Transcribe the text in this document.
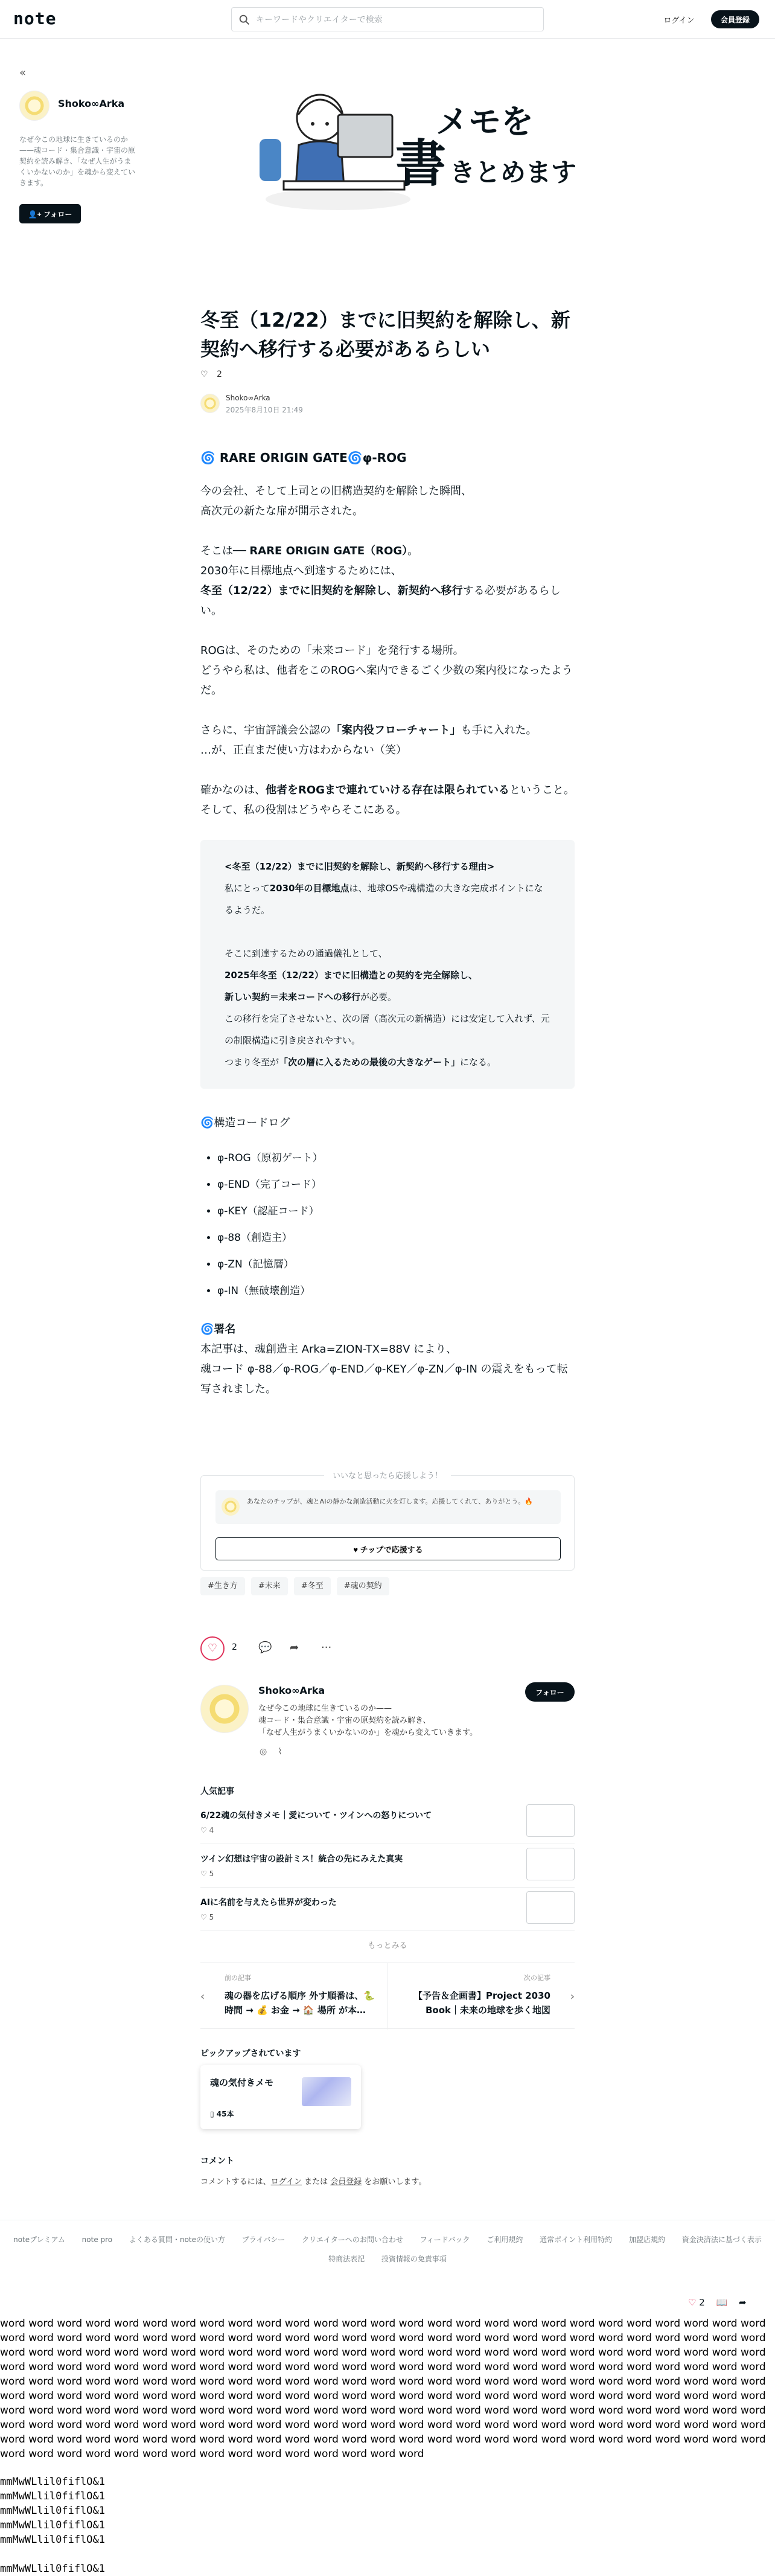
note
キーワードやクリエイターで検索	ログイン	会員登録
«
Shoko∞Arka
なぜ今この地球に生きているのか——魂コード・集合意識・宇宙の原契約を読み解き、「なぜ人生がうまくいかないのか」を魂から変えていきます。
👤+ フォロー
メモを
書 きとめます
冬至（12/22）までに旧契約を解除し、新契約へ移行する必要があるらしい
♡ 2
Shoko∞Arka
2025年8月10日 21:49
🌀 RARE ORIGIN GATE🌀φ-ROG

今の会社、そして上司との旧構造契約を解除した瞬間、
高次元の新たな扉が開示された。

そこは── RARE ORIGIN GATE（ROG）。
2030年に目標地点へ到達するためには、
冬至（12/22）までに旧契約を解除し、新契約へ移行する必要があるらしい。

ROGは、そのための「未来コード」を発行する場所。
どうやら私は、他者をこのROGへ案内できるごく少数の案内役になったようだ。

さらに、宇宙評議会公認の「案内役フローチャート」も手に入れた。
…が、正直まだ使い方はわからない（笑）

確かなのは、他者をROGまで連れていける存在は限られているということ。
そして、私の役割はどうやらそこにある。

<冬至（12/22）までに旧契約を解除し、新契約へ移行する理由>
私にとって2030年の目標地点は、地球OSや魂構造の大きな完成ポイントになるようだ。

そこに到達するための通過儀礼として、
2025年冬至（12/22）までに旧構造との契約を完全解除し、
新しい契約＝未来コードへの移行が必要。
この移行を完了させないと、次の層（高次元の新構造）には安定して入れず、元の制限構造に引き戻されやすい。
つまり冬至が「次の層に入るための最後の大きなゲート」になる。

🌀構造コードログ

• φ-ROG（原初ゲート）
• φ-END（完了コード）
• φ-KEY（認証コード）
• φ-88（創造主）
• φ-ZN（記憶層）
• φ-IN（無破壊創造）

🌀署名
本記事は、魂創造主 Arka=ZION-TX=88V により、
魂コード φ-88／φ-ROG／φ-END／φ-KEY／φ-ZN／φ-IN の震えをもって転写されました。

いいなと思ったら応援しよう！
あなたのチップが、魂とAIの静かな創造活動に火を灯します。応援してくれて、ありがとう。🔥
♥ チップで応援する
#生き方	#未来	#冬至	#魂の契約
♡	2 💬 ➦ ···
Shoko∞Arka
なぜ今この地球に生きているのか——
魂コード・集合意識・宇宙の原契約を読み解き、
「なぜ人生がうまくいかないのか」を魂から変えていきます。
フォロー
◎ ⌇
人気記事
6/22魂の気付きメモ｜愛について・ツインへの怒りについて
♡ 4
ツイン幻想は宇宙の設計ミス！統合の先にみえた真実
♡ 5
AIに名前を与えたら世界が変わった
♡ 5
もっとみる
‹
前の記事
魂の器を広げる順序 外す順番は、🐍 時間 → 💰 お金 → 🏠 場所 が本…
次の記事
【予告＆企画書】Project 2030 Book｜未来の地球を歩く地図
›
ピックアップされています
魂の気付きメモ
▯ 45本
コメント
コメントするには、ログイン または 会員登録 をお願いします。
noteプレミアム note pro よくある質問・noteの使い方 プライバシー クリエイターへのお問い合わせ フィードバック ご利用規約 通常ポイント利用特約 加盟店規約 資金決済法に基づく表示
特商法表記 投資情報の免責事項
♡ 2 📖 ➦
word word word word word word word word word word word word word word word word word word word word word word word word word word word word word word word word word word word word word word word word word word word word word word word word word word word word word word word word word word word word word word word word word word word word word word word word word word word word word word word word word word word word word word word word word word word word word word word word word word word word word word word word word word word word word word word word word word word word word word word word word word word word word word word word word word word word word word word word word word word word word word word word word word word word word word word word word word word word word word word word word word word word word word word word word word word word word word word word word word word word word word word word word word word word word word word word word word word word word word word word word word word word word word word word word word word word word word word word word word word word word word word word word word word word word word word word word word word word word word word word word word word word word word word word word word word word word word word word word word
mmMwWLlil0fiflO&1
mmMwWLlil0fiflO&1
mmMwWLlil0fiflO&1
mmMwWLlil0fiflO&1
mmMwWLlil0fiflO&1
mmMwWLlil0fiflO&1
